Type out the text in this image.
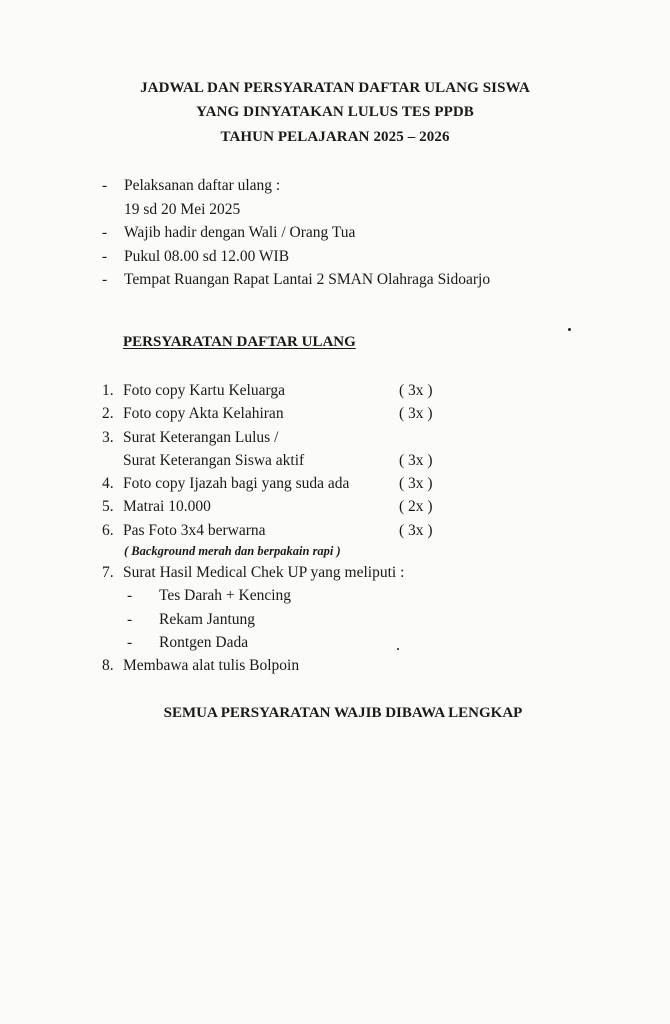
JADWAL DAN PERSYARATAN DAFTAR ULANG SISWA
YANG DINYATAKAN LULUS TES PPDB
TAHUN PELAJARAN 2025 – 2026
- Pelaksanan daftar ulang :
19 sd 20 Mei 2025
- Wajib hadir dengan Wali / Orang Tua
- Pukul 08.00 sd 12.00 WIB
- Tempat Ruangan Rapat Lantai 2 SMAN Olahraga Sidoarjo
PERSYARATAN DAFTAR ULANG
1. Foto copy Kartu Keluarga	( 3x )
2. Foto copy Akta Kelahiran	( 3x )
3. Surat Keterangan Lulus /
Surat Keterangan Siswa aktif	( 3x )
4. Foto copy Ijazah bagi yang suda ada	( 3x )
5. Matrai 10.000	( 2x )
6. Pas Foto 3x4 berwarna	( 3x )
( Background merah dan berpakain rapi )
7. Surat Hasil Medical Chek UP yang meliputi :
- Tes Darah + Kencing
- Rekam Jantung
- Rontgen Dada
8. Membawa alat tulis Bolpoin
SEMUA PERSYARATAN WAJIB DIBAWA LENGKAP
